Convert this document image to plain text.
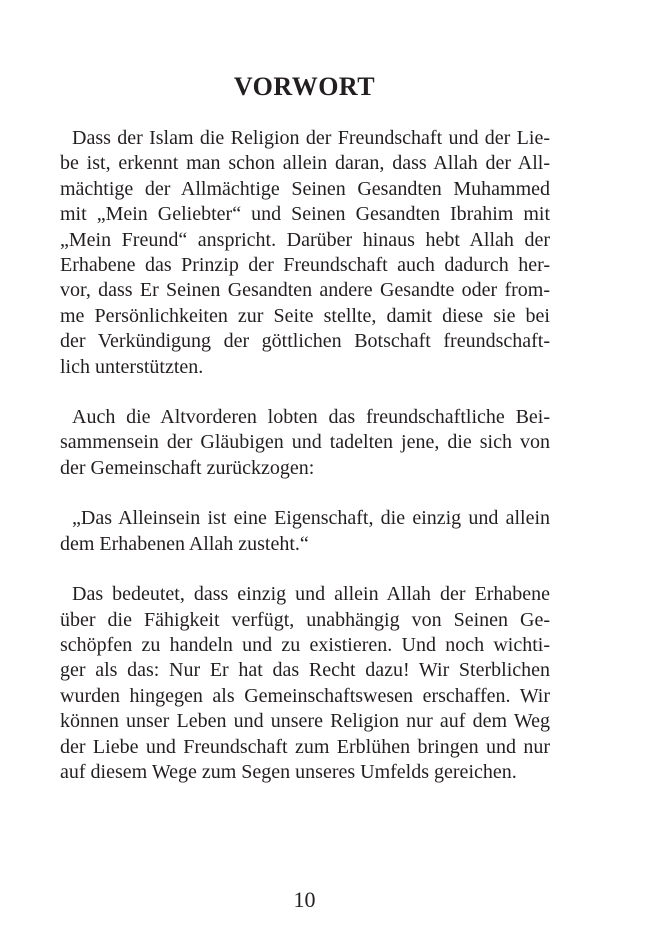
VORWORT

Dass der Islam die Religion der Freundschaft und der Lie-
be ist, erkennt man schon allein daran, dass Allah der All-
mächtige der Allmächtige Seinen Gesandten Muhammed
mit „Mein Geliebter“ und Seinen Gesandten Ibrahim mit
„Mein Freund“ anspricht. Darüber hinaus hebt Allah der
Erhabene das Prinzip der Freundschaft auch dadurch her-
vor, dass Er Seinen Gesandten andere Gesandte oder from-
me Persönlichkeiten zur Seite stellte, damit diese sie bei
der Verkündigung der göttlichen Botschaft freundschaft-
lich unterstützten.

Auch die Altvorderen lobten das freundschaftliche Bei-
sammensein der Gläubigen und tadelten jene, die sich von
der Gemeinschaft zurückzogen:

„Das Alleinsein ist eine Eigenschaft, die einzig und allein
dem Erhabenen Allah zusteht.“

Das bedeutet, dass einzig und allein Allah der Erhabene
über die Fähigkeit verfügt, unabhängig von Seinen Ge-
schöpfen zu handeln und zu existieren. Und noch wichti-
ger als das: Nur Er hat das Recht dazu! Wir Sterblichen
wurden hingegen als Gemeinschaftswesen erschaffen. Wir
können unser Leben und unsere Religion nur auf dem Weg
der Liebe und Freundschaft zum Erblühen bringen und nur
auf diesem Wege zum Segen unseres Umfelds gereichen.

10
